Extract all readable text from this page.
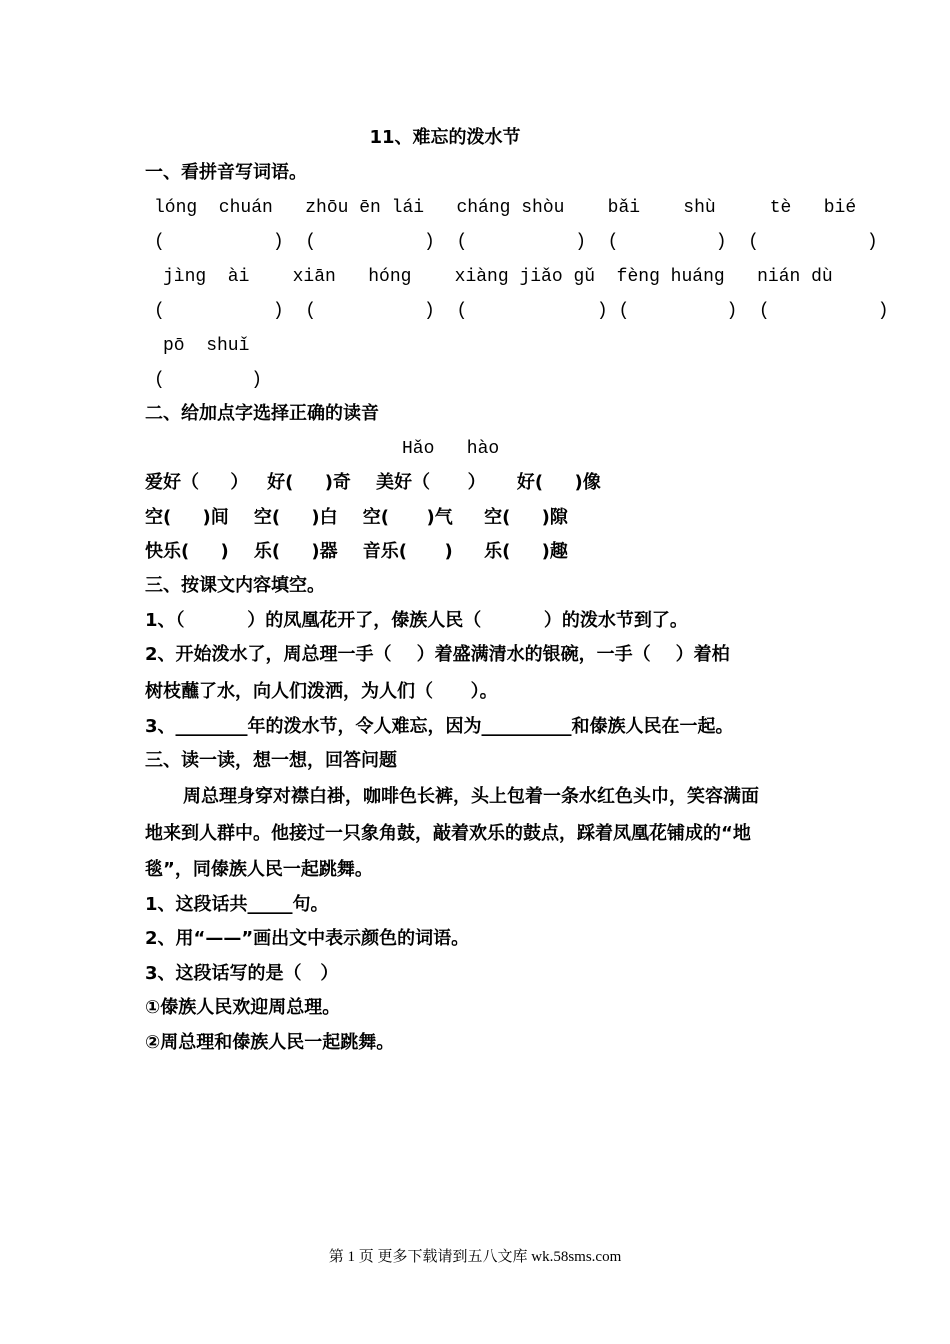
11、难忘的泼水节
一、看拼音写词语。
lóng  chuán   zhōu ēn lái   cháng shòu    bǎi    shù     tè   bié
(          )  (          )  (          )  (         )  (          )
jìng  ài    xiān   hóng    xiàng jiǎo gǔ  fèng huáng   nián dù
(          )  (          )  (            ) (         )  (          )
pō  shuǐ
(        )
二、给加点字选择正确的读音
Hǎo   hào
爱好（     ）   好(     )奇    美好（      ）     好(     )像
空(     )间    空(     )白    空(      )气     空(     )隙
快乐(     )    乐(     )器    音乐(      )     乐(     )趣
三、按课文内容填空。
1、（          ）的凤凰花开了，傣族人民（          ）的泼水节到了。
2、开始泼水了，周总理一手（    ）着盛满清水的银碗，一手（    ）着柏
树枝蘸了水，向人们泼洒，为人们（      ）。
3、________年的泼水节，令人难忘，因为__________和傣族人民在一起。
三、读一读，想一想，回答问题
周总理身穿对襟白褂，咖啡色长裤，头上包着一条水红色头巾，笑容满面
地来到人群中。他接过一只象角鼓，敲着欢乐的鼓点，踩着凤凰花铺成的“地
毯”，同傣族人民一起跳舞。
1、这段话共_____句。
2、用“——”画出文中表示颜色的词语。
3、这段话写的是（   ）
①傣族人民欢迎周总理。
②周总理和傣族人民一起跳舞。
第 1 页 更多下载请到五八文库 wk.58sms.com
